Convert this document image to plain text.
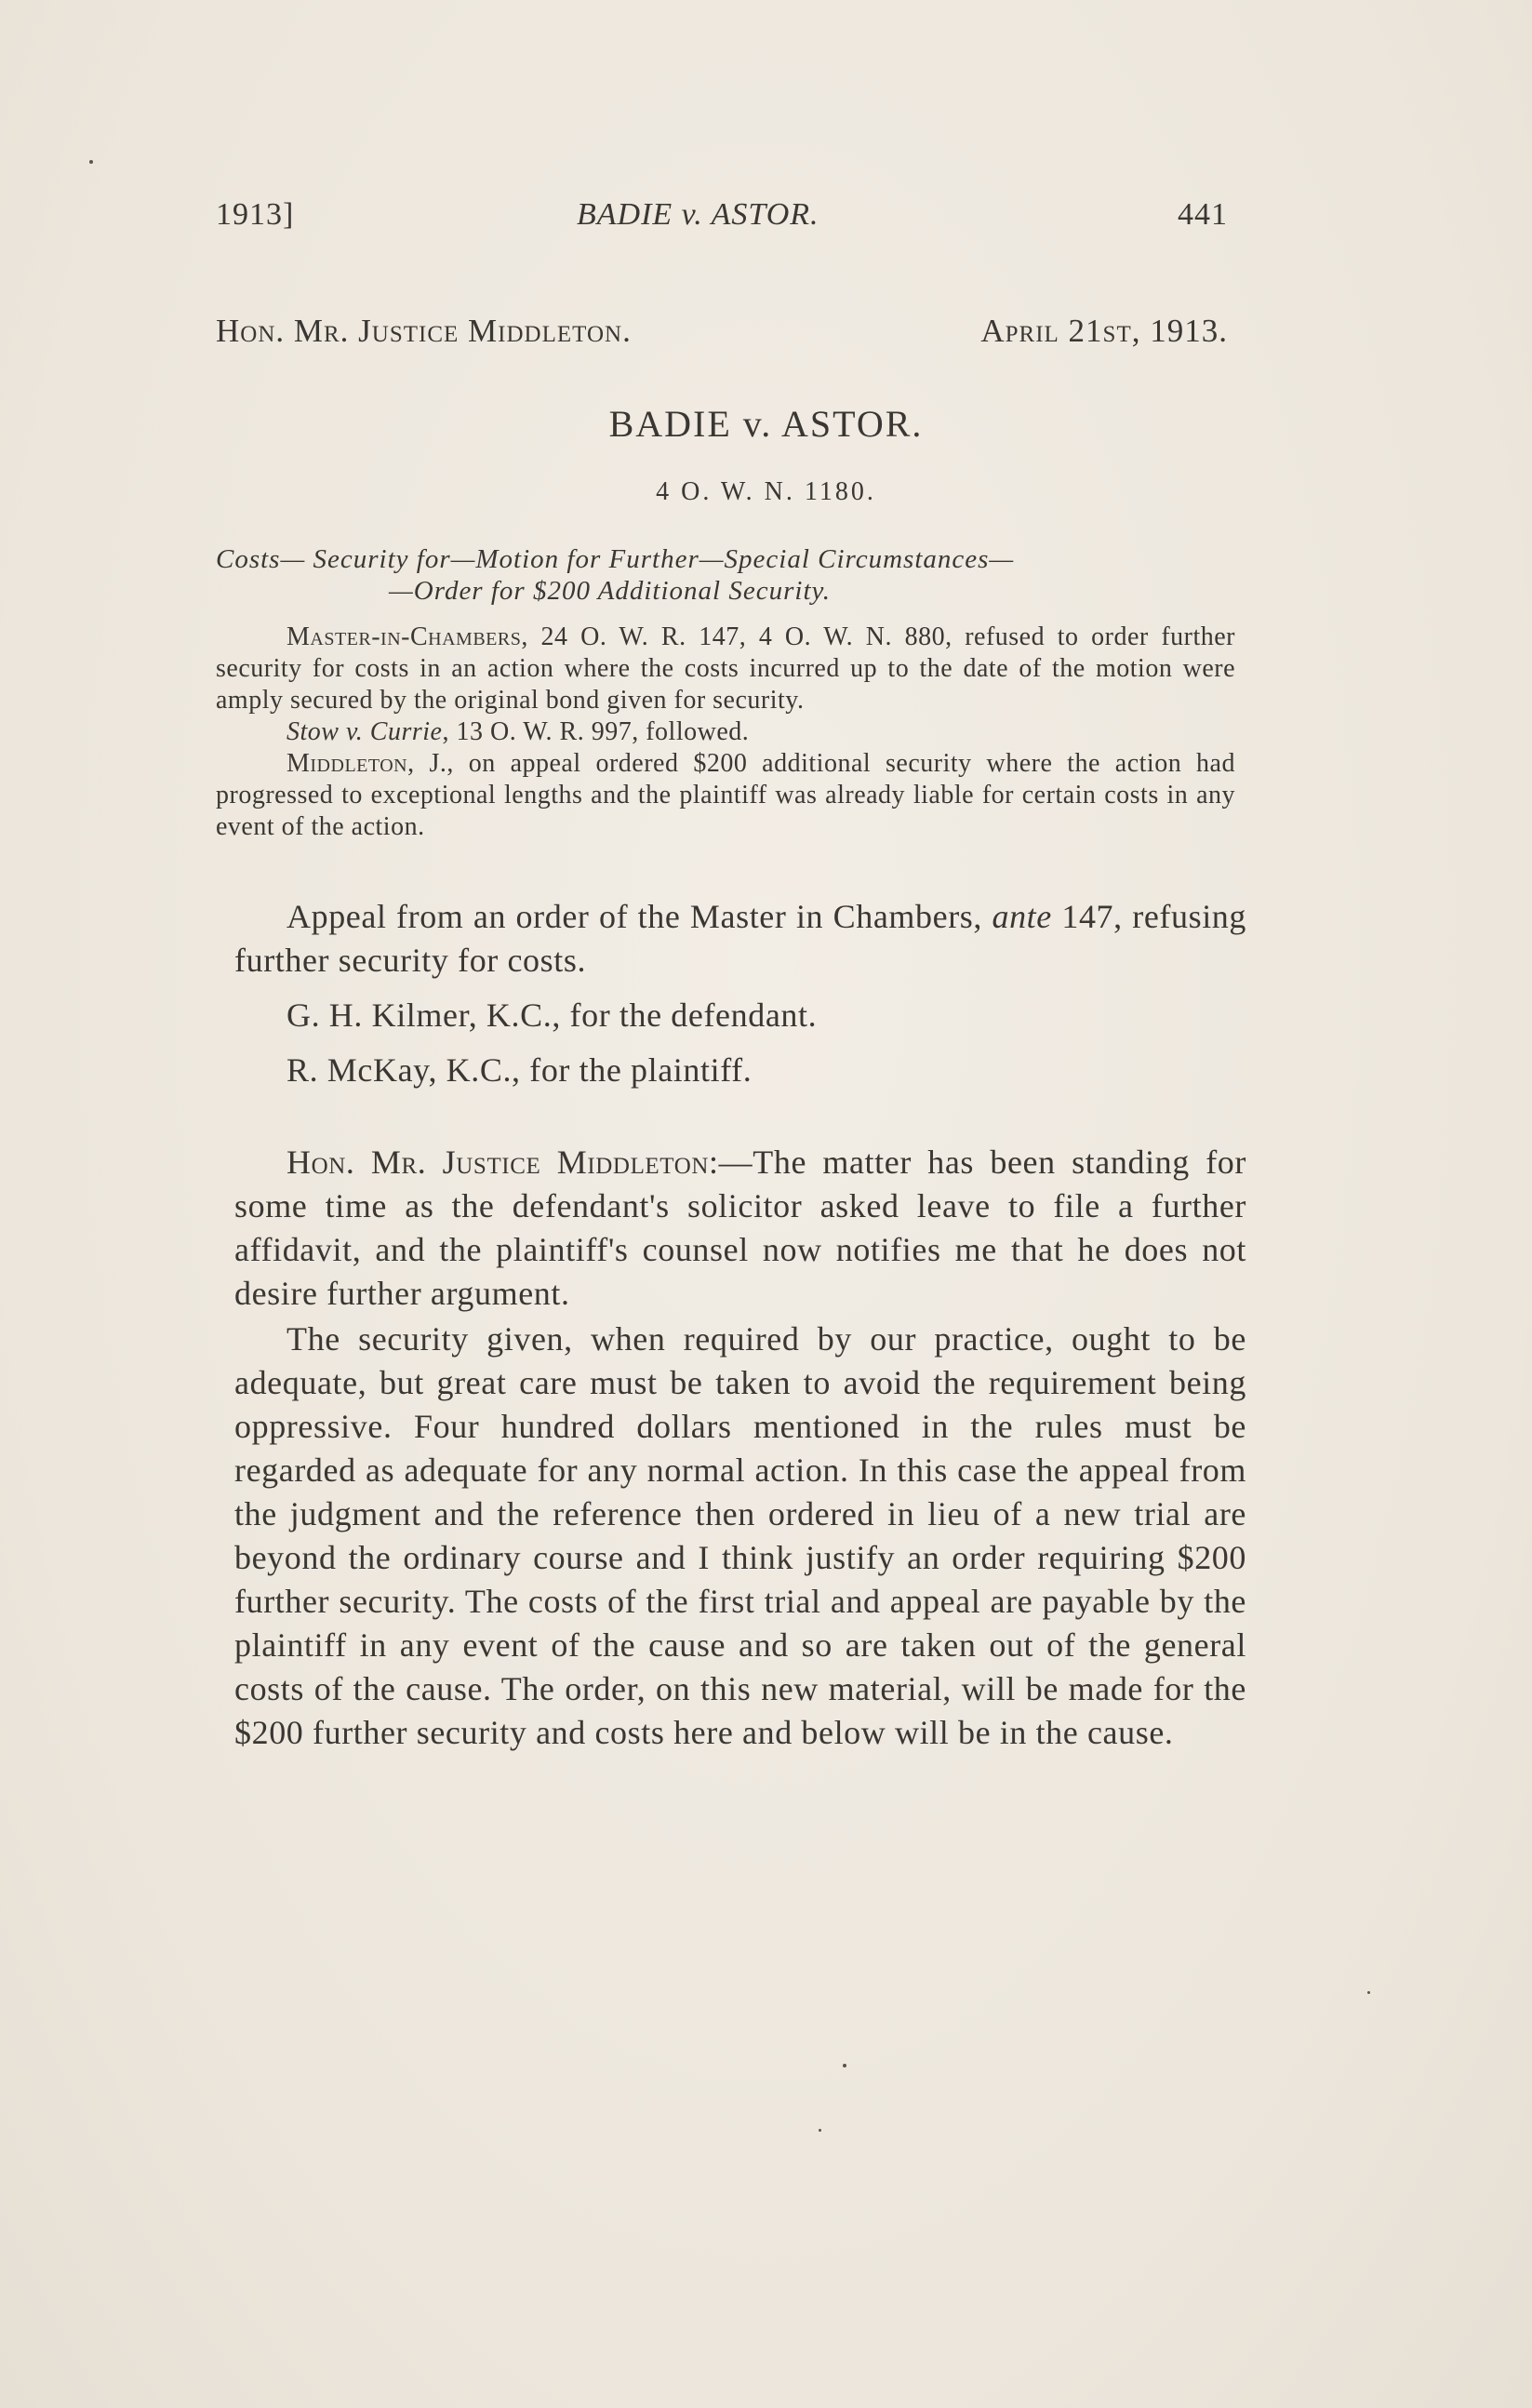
1913]	BADIE v. ASTOR.	441
Hon. Mr. Justice Middleton.	April 21st, 1913.
BADIE v. ASTOR.
4 O. W. N. 1180.
Costs— Security for—Motion for Further—Special Circumstances—
—Order for $200 Additional Security.

Master-in-Chambers, 24 O. W. R. 147, 4 O. W. N. 880, refused to order further security for costs in an action where the costs incurred up to the date of the motion were amply secured by the original bond given for security.

Stow v. Currie, 13 O. W. R. 997, followed.

Middleton, J., on appeal ordered $200 additional security where the action had progressed to exceptional lengths and the plaintiff was already liable for certain costs in any event of the action.

Appeal from an order of the Master in Chambers, ante 147, refusing further security for costs.

G. H. Kilmer, K.C., for the defendant.

R. McKay, K.C., for the plaintiff.

Hon. Mr. Justice Middleton:—The matter has been standing for some time as the defendant's solicitor asked leave to file a further affidavit, and the plaintiff's counsel now notifies me that he does not desire further argument.

The security given, when required by our practice, ought to be adequate, but great care must be taken to avoid the requirement being oppressive. Four hundred dollars mentioned in the rules must be regarded as adequate for any normal action. In this case the appeal from the judgment and the reference then ordered in lieu of a new trial are beyond the ordinary course and I think justify an order requiring $200 further security. The costs of the first trial and appeal are payable by the plaintiff in any event of the cause and so are taken out of the general costs of the cause. The order, on this new material, will be made for the $200 further security and costs here and below will be in the cause.
